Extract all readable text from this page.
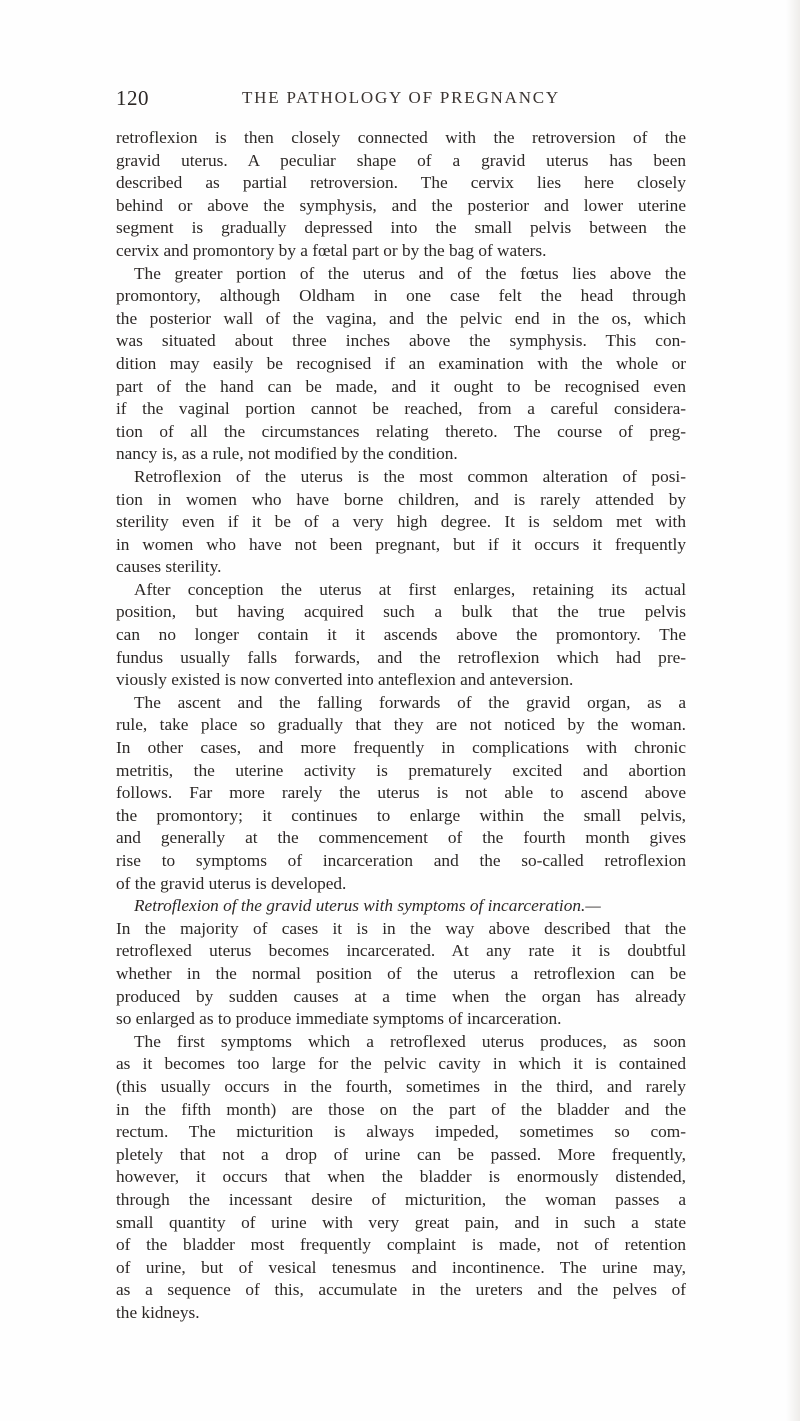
120	THE PATHOLOGY OF PREGNANCY
retroflexion is then closely connected with the retroversion of the
gravid uterus. A peculiar shape of a gravid uterus has been
described as partial retroversion. The cervix lies here closely
behind or above the symphysis, and the posterior and lower uterine
segment is gradually depressed into the small pelvis between the
cervix and promontory by a fœtal part or by the bag of waters.
The greater portion of the uterus and of the fœtus lies above the
promontory, although Oldham in one case felt the head through
the posterior wall of the vagina, and the pelvic end in the os, which
was situated about three inches above the symphysis. This con-
dition may easily be recognised if an examination with the whole or
part of the hand can be made, and it ought to be recognised even
if the vaginal portion cannot be reached, from a careful considera-
tion of all the circumstances relating thereto. The course of preg-
nancy is, as a rule, not modified by the condition.
Retroflexion of the uterus is the most common alteration of posi-
tion in women who have borne children, and is rarely attended by
sterility even if it be of a very high degree. It is seldom met with
in women who have not been pregnant, but if it occurs it frequently
causes sterility.
After conception the uterus at first enlarges, retaining its actual
position, but having acquired such a bulk that the true pelvis
can no longer contain it it ascends above the promontory. The
fundus usually falls forwards, and the retroflexion which had pre-
viously existed is now converted into anteflexion and anteversion.
The ascent and the falling forwards of the gravid organ, as a
rule, take place so gradually that they are not noticed by the woman.
In other cases, and more frequently in complications with chronic
metritis, the uterine activity is prematurely excited and abortion
follows. Far more rarely the uterus is not able to ascend above
the promontory; it continues to enlarge within the small pelvis,
and generally at the commencement of the fourth month gives
rise to symptoms of incarceration and the so-called retroflexion
of the gravid uterus is developed.
Retroflexion of the gravid uterus with symptoms of incarceration.—
In the majority of cases it is in the way above described that the
retroflexed uterus becomes incarcerated. At any rate it is doubtful
whether in the normal position of the uterus a retroflexion can be
produced by sudden causes at a time when the organ has already
so enlarged as to produce immediate symptoms of incarceration.
The first symptoms which a retroflexed uterus produces, as soon
as it becomes too large for the pelvic cavity in which it is contained
(this usually occurs in the fourth, sometimes in the third, and rarely
in the fifth month) are those on the part of the bladder and the
rectum. The micturition is always impeded, sometimes so com-
pletely that not a drop of urine can be passed. More frequently,
however, it occurs that when the bladder is enormously distended,
through the incessant desire of micturition, the woman passes a
small quantity of urine with very great pain, and in such a state
of the bladder most frequently complaint is made, not of retention
of urine, but of vesical tenesmus and incontinence. The urine may,
as a sequence of this, accumulate in the ureters and the pelves of
the kidneys.
